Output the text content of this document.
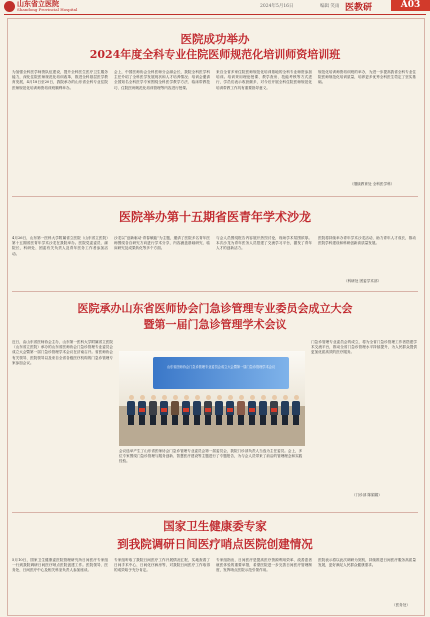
山东省立医院
Shandong Provincial Hospital
2024年5月16日	编辑 笑雨 医教研	A03
医院成功举办
2024年度全科专业住院医师规范化培训师资培训班
为加强全科医学师资队伍建设，提升全科医生医疗卫生服务能力，深化住院医师规范化培训改革，推进全科基层医学教育发展，4月18日至20日，我院承办的山东省全科专业住院医师规范化培训师资培训班顺利举办。
会上，中国医师协会全科医师分会副会长，我院全科医学科主任介绍了全科医学发展现状和人才培养情况；培训会邀请全国知名全科医学专家围绕全科医学教学方法、临床带教技巧、住院医师规范化培训管理等内容进行授课。
来自全省多家住院医师规范化培训基地的全科专业师资参加培训。培训采用理论授课、教学查房、技能考核等方式进行，学员们表示收获颇多，对今后开展全科住院医师规范化培训带教工作具有重要指导意义。
规范化培训师资培训班的举办，为进一步提高我省全科专业住院医师规范化培训质量，培养更多优秀全科医生奠定了坚实基础。
（继续教育处 全科医学科）
医院举办第十五期省医青年学术沙龙
4月26日，山东第一医科大学附属省立医院（山东省立医院）第十五期省医青年学术沙龙在我院举办。医院党委委员、副院长，科研处、团委有关负责人及青年医务工作者参加活动。
沙龙以“创新驱动·青春赋能”为主题，邀请了医院多名青年医师围绕各自研究方向进行学术分享，内容涵盖基础研究、临床研究及成果转化等多个方面。
与会人员围绕报告内容展开热烈讨论，现场学术氛围浓厚。本次沙龙为青年医务人员搭建了交流学习平台，激发了青年人才的创新活力。
医院将持续举办青年学术沙龙活动，助力青年人才成长，推动医院学科建设和科研创新高质量发展。
（科研处 团委学术部）
医院承办山东省医师协会门急诊管理专业委员会成立大会
暨第一届门急诊管理学术会议
近日，由山东省医师协会主办，山东第一医科大学附属省立医院（山东省立医院）承办的山东省医师协会门急诊管理专业委员会成立大会暨第一届门急诊管理学术会议在济南召开。省医师协会有关领导、医院领导以及来自全省各级医疗机构的门急诊管理专家参加会议。
山东省医师协会门急诊管理专业委员会成立大会暨第一届门急诊管理学术会议
会议选举产生了山东省医师协会门急诊管理专业委员会第一届委员会，我院门诊部负责人当选为主任委员。会上，多位专家围绕门急诊管理与服务创新、智慧医疗建设等主题进行了专题报告，为与会人员带来了前沿的管理理念和实践经验。
门急诊管理专业委员会的成立，将为全省门急诊管理工作者搭建学术交流平台，推动全省门急诊管理水平持续提升，为人民群众提供更加优质高效的医疗服务。
（门诊部 陈娟娟）
国家卫生健康委专家
到我院调研日间医疗哨点医院创建情况
5月10日，国家卫生健康委医院管理研究所日间医疗专家组一行到我院调研日间医疗哨点医院创建工作。医院领导、医务处、日间医疗中心及相关科室负责人参加座谈。
专家组听取了我院日间医疗工作开展情况汇报，实地查看了日间手术中心、日间化疗病房等，对我院日间医疗工作取得的成效给予充分肯定。
专家组指出，日间医疗是提高医疗资源利用效率、改善患者就医体验的重要举措，希望医院进一步完善日间医疗管理制度，发挥哨点医院示范引领作用。
医院表示将以此次调研为契机，持续推进日间医疗服务高质量发展，更好满足人民群众健康需求。
（医务处）
